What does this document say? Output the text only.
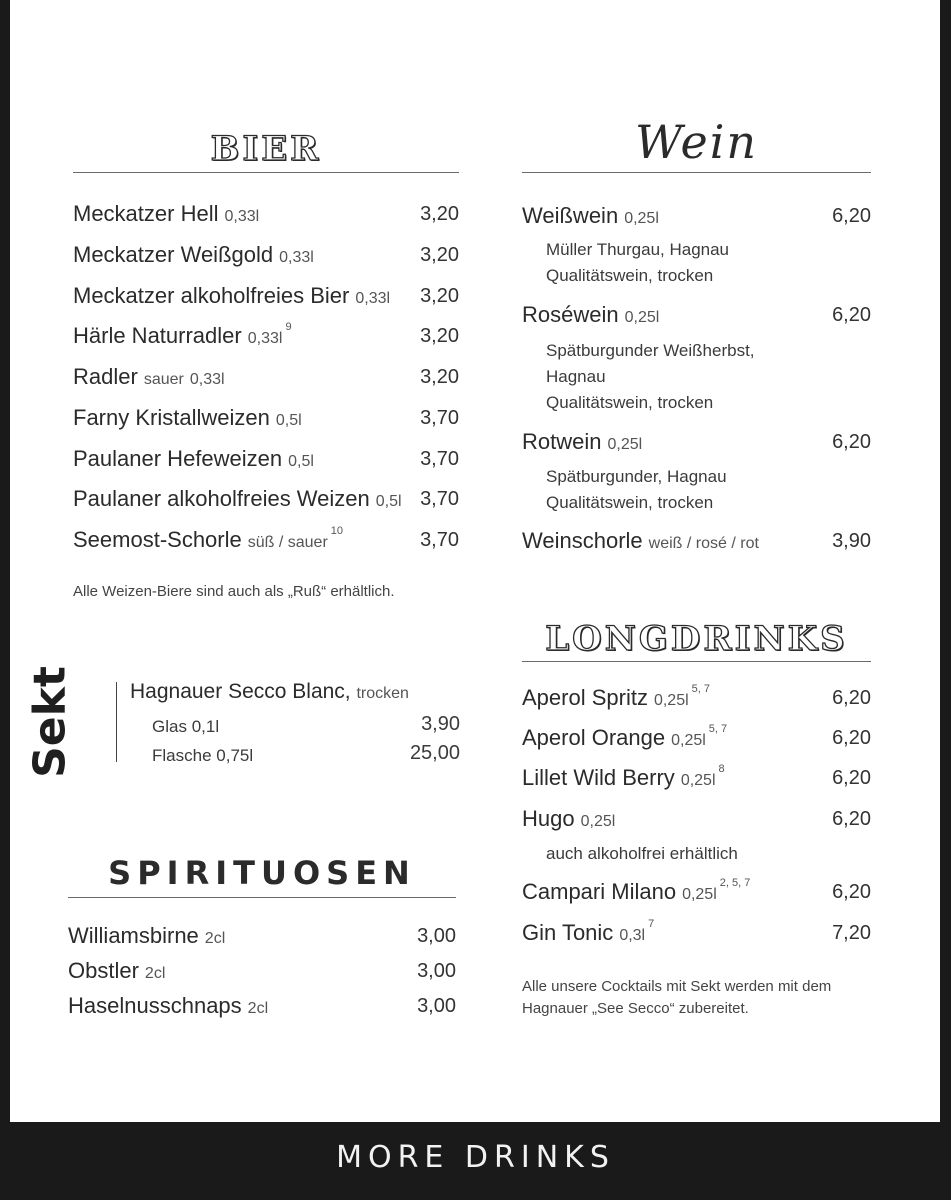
BIER
Meckatzer Hell 0,33l	3,20
Meckatzer Weißgold 0,33l	3,20
Meckatzer alkoholfreies Bier 0,33l 3,20
Härle Naturradler $0,33l^9$	3,20
Radler sauer 0,33l	3,20
Farny Kristallweizen 0,5l	3,70
Paulaner Hefeweizen 0,5l	3,70
Paulaner alkoholfreies Weizen 0,5l 3,70
Seemost-Schorle süß / sauer$^{10}$	3,70
Alle Weizen-Biere sind auch als „Ruß“ erhältlich.
Sekt	Hagnauer Secco Blanc, trocken
Glas 0,1l	3,90
Flasche 0,75l	25,00
SPIRITUOSEN
Williamsbirne 2cl	3,00
Obstler 2cl	3,00
Haselnusschnaps 2cl	3,00
Wein
Weißwein 0,25l	6,20
Müller Thurgau, Hagnau
Qualitätswein, trocken
Roséwein 0,25l	6,20
Spätburgunder Weißherbst,
Hagnau
Qualitätswein, trocken
Rotwein 0,25l	6,20
Spätburgunder, Hagnau
Qualitätswein, trocken
Weinschorle weiß / rosé / rot	3,90
LONGDRINKS
Aperol Spritz $0,25l^{5, 7}$	6,20
Aperol Orange $0,25l^{5, 7}$	6,20
Lillet Wild Berry $0,25l^8$	6,20
Hugo 0,25l	6,20
auch alkoholfrei erhältlich
Campari Milano $0,25l^{2, 5, 7}$	6,20
Gin Tonic $0,3l^7$	7,20
Alle unsere Cocktails mit Sekt werden mit dem Hagnauer „See Secco“ zubereitet.
MORE DRINKS
